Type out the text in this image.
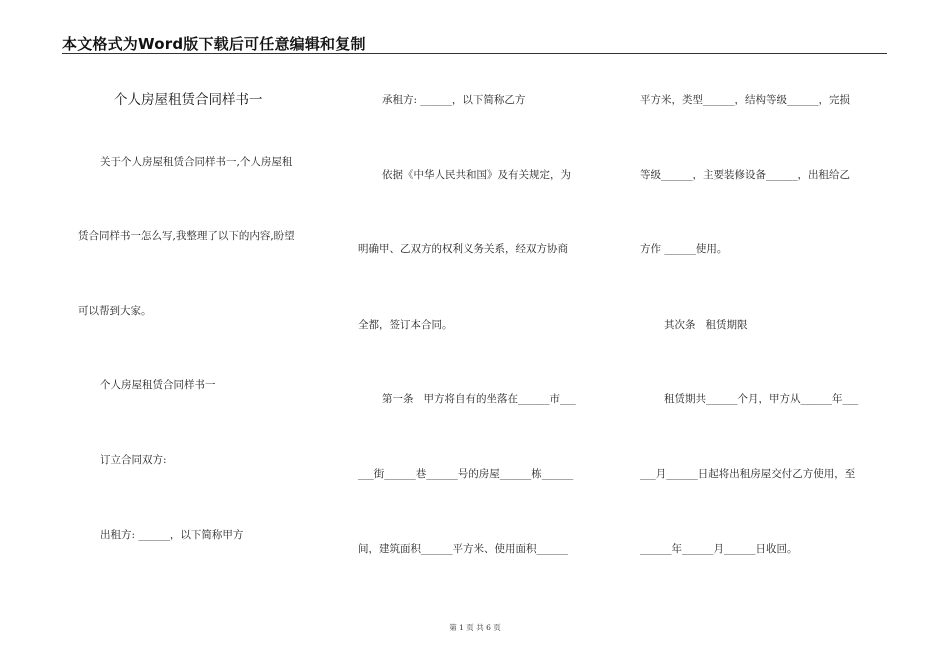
本文格式为Word版下载后可任意编辑和复制
个人房屋租赁合同样书一
关于个人房屋租赁合同样书一,个人房屋租
赁合同样书一怎么写,我整理了以下的内容,盼望
可以帮到大家。
个人房屋租赁合同样书一
订立合同双方:
出租方: ______，以下简称甲方
承租方: ______，以下简称乙方
依据《中华人民共和国》及有关规定，为
明确甲、乙双方的权利义务关系，经双方协商
全都，签订本合同。
第一条   甲方将自有的坐落在______市___
___街______巷______号的房屋______栋______
间，建筑面积______平方米、使用面积______
平方米，类型______，结构等级______，完损
等级______，主要装修设备______，出租给乙
方作 ______使用。
其次条   租赁期限
租赁期共______个月，甲方从______年___
___月______日起将出租房屋交付乙方使用，至
______年______月______日收回。
第 1 页 共 6 页
